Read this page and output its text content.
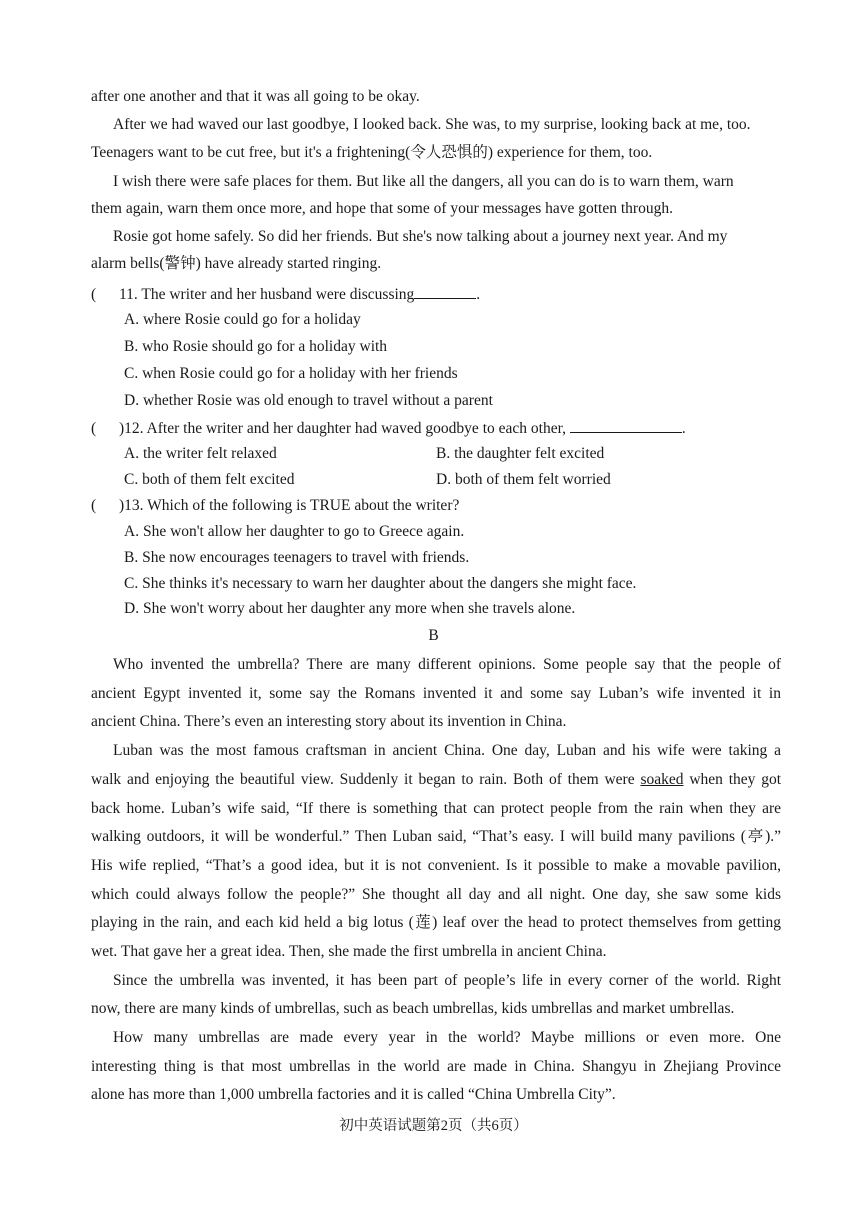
after one another and that it was all going to be okay.
After we had waved our last goodbye, I looked back. She was, to my surprise, looking back at me, too.
Teenagers want to be cut free, but it's a frightening(令人恐惧的) experience for them, too.
I wish there were safe places for them. But like all the dangers, all you can do is to warn them, warn
them again, warn them once more, and hope that some of your messages have gotten through.
Rosie got home safely. So did her friends. But she's now talking about a journey next year. And my
alarm bells(警钟) have already started ringing.
( 11. The writer and her husband were discussing	.
A. where Rosie could go for a holiday
B. who Rosie should go for a holiday with
C. when Rosie could go for a holiday with her friends
D. whether Rosie was old enough to travel without a parent
( )12. After the writer and her daughter had waved goodbye to each other,	.
A. the writer felt relaxed	B. the daughter felt excited
C. both of them felt excited	D. both of them felt worried
( )13. Which of the following is TRUE about the writer?
A. She won't allow her daughter to go to Greece again.
B. She now encourages teenagers to travel with friends.
C. She thinks it's necessary to warn her daughter about the dangers she might face.
D. She won't worry about her daughter any more when she travels alone.
B
Who invented the umbrella? There are many different opinions. Some people say that the people of
ancient Egypt invented it, some say the Romans invented it and some say Luban’s wife invented it in
ancient China. There’s even an interesting story about its invention in China.
Luban was the most famous craftsman in ancient China. One day, Luban and his wife were taking a
walk and enjoying the beautiful view. Suddenly it began to rain. Both of them were soaked when they got
back home. Luban’s wife said, “If there is something that can protect people from the rain when they are
walking outdoors, it will be wonderful.” Then Luban said, “That’s easy. I will build many pavilions (亭).”
His wife replied, “That’s a good idea, but it is not convenient. Is it possible to make a movable pavilion,
which could always follow the people?” She thought all day and all night. One day, she saw some kids
playing in the rain, and each kid held a big lotus (莲) leaf over the head to protect themselves from getting
wet. That gave her a great idea. Then, she made the first umbrella in ancient China.
Since the umbrella was invented, it has been part of people’s life in every corner of the world. Right
now, there are many kinds of umbrellas, such as beach umbrellas, kids umbrellas and market umbrellas.
How many umbrellas are made every year in the world? Maybe millions or even more. One
interesting thing is that most umbrellas in the world are made in China. Shangyu in Zhejiang Province
alone has more than 1,000 umbrella factories and it is called “China Umbrella City”.
初中英语试题第2页（共6页）
